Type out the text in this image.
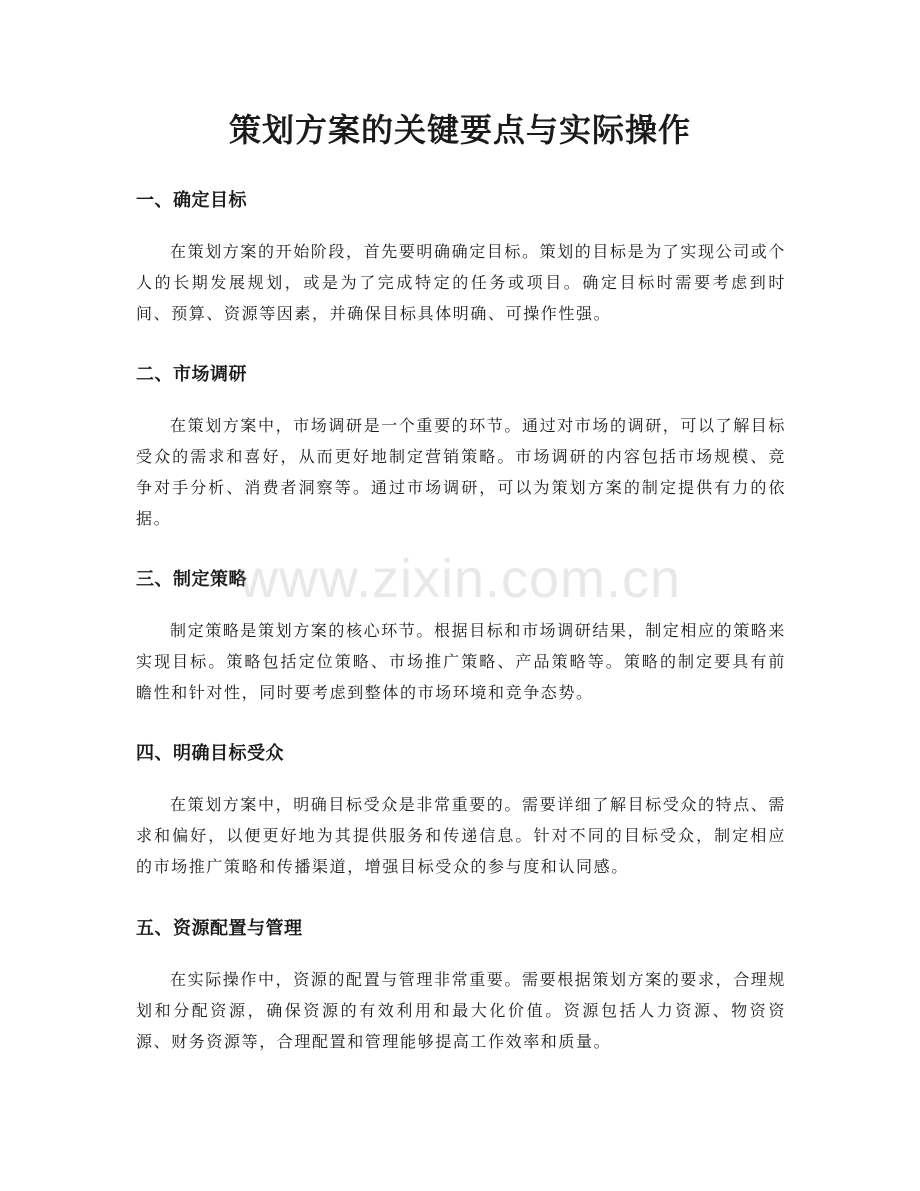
策划方案的关键要点与实际操作
一、确定目标

在策划方案的开始阶段，首先要明确确定目标。策划的目标是为了实现公司或个人的长期发展规划，或是为了完成特定的任务或项目。确定目标时需要考虑到时间、预算、资源等因素，并确保目标具体明确、可操作性强。

二、市场调研

在策划方案中，市场调研是一个重要的环节。通过对市场的调研，可以了解目标受众的需求和喜好，从而更好地制定营销策略。市场调研的内容包括市场规模、竞争对手分析、消费者洞察等。通过市场调研，可以为策划方案的制定提供有力的依据。

三、制定策略

制定策略是策划方案的核心环节。根据目标和市场调研结果，制定相应的策略来实现目标。策略包括定位策略、市场推广策略、产品策略等。策略的制定要具有前瞻性和针对性，同时要考虑到整体的市场环境和竞争态势。

四、明确目标受众

在策划方案中，明确目标受众是非常重要的。需要详细了解目标受众的特点、需求和偏好，以便更好地为其提供服务和传递信息。针对不同的目标受众，制定相应的市场推广策略和传播渠道，增强目标受众的参与度和认同感。

五、资源配置与管理

在实际操作中，资源的配置与管理非常重要。需要根据策划方案的要求，合理规划和分配资源，确保资源的有效利用和最大化价值。资源包括人力资源、物资资源、财务资源等，合理配置和管理能够提高工作效率和质量。

www.zixin.com.cn
